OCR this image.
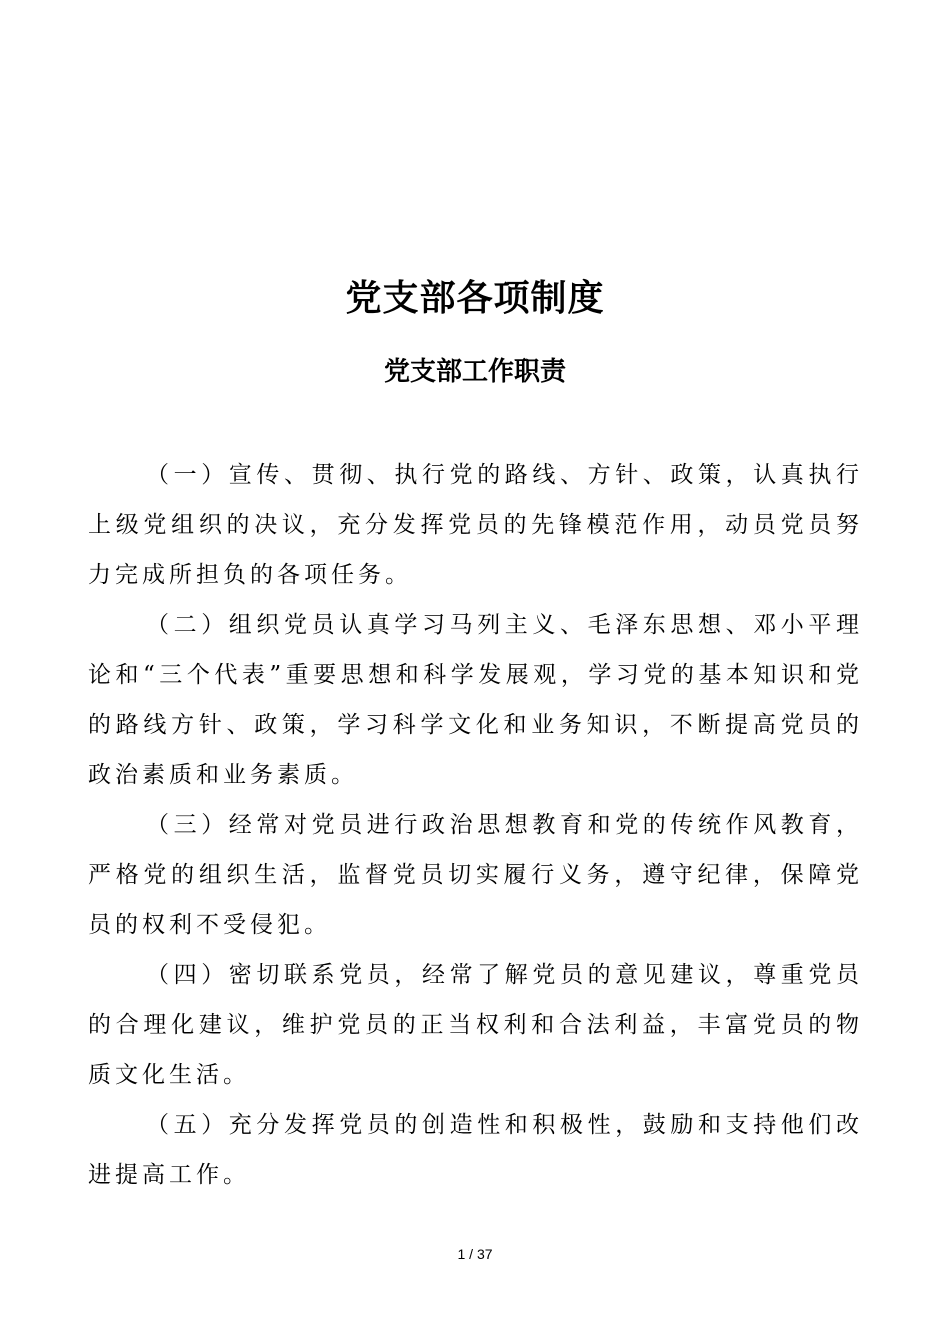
党支部各项制度
党支部工作职责

（一）宣传、贯彻、执行党的路线、方针、政策，认真执行上级党组织的决议，充分发挥党员的先锋模范作用，动员党员努力完成所担负的各项任务。

（二）组织党员认真学习马列主义、毛泽东思想、邓小平理论和“三个代表”重要思想和科学发展观，学习党的基本知识和党的路线方针、政策，学习科学文化和业务知识，不断提高党员的政治素质和业务素质。

（三）经常对党员进行政治思想教育和党的传统作风教育，严格党的组织生活，监督党员切实履行义务，遵守纪律，保障党员的权利不受侵犯。

（四）密切联系党员，经常了解党员的意见建议，尊重党员的合理化建议，维护党员的正当权利和合法利益，丰富党员的物质文化生活。

（五）充分发挥党员的创造性和积极性，鼓励和支持他们改进提高工作。

1 / 37
